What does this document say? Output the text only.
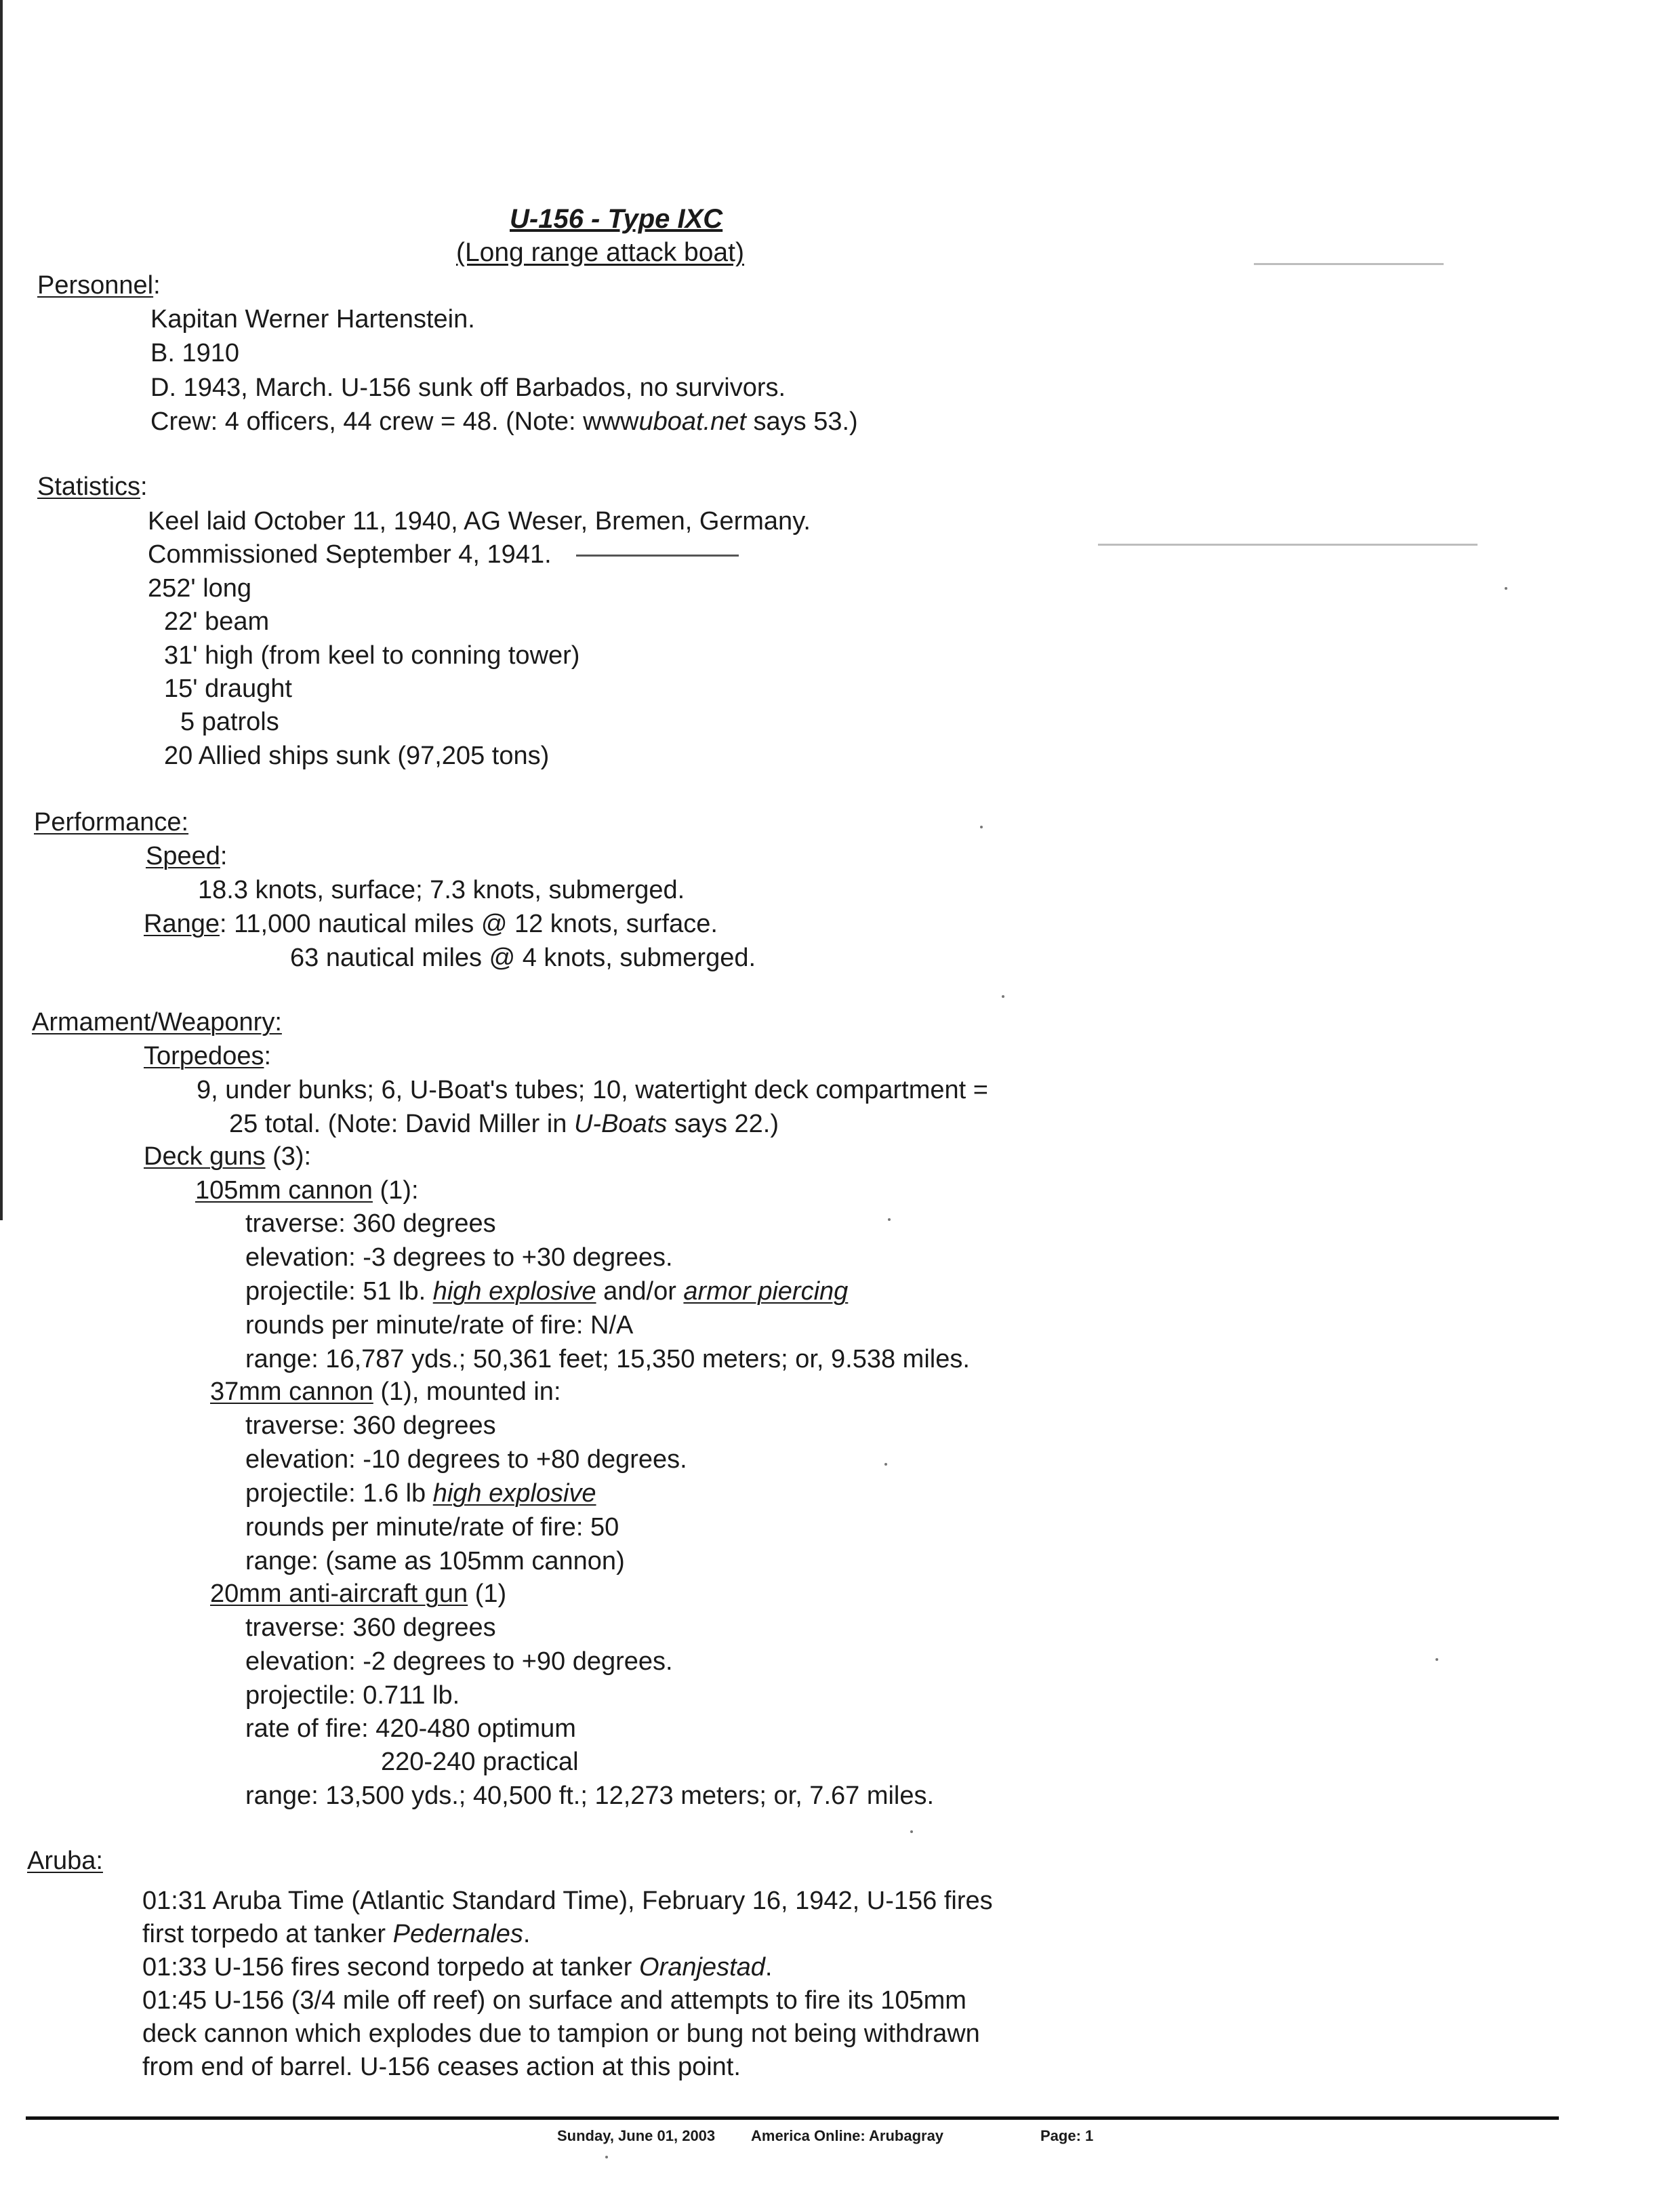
U-156 - Type IXC
(Long range attack boat)
Personnel:
Kapitan Werner Hartenstein.
B. 1910
D. 1943, March. U-156 sunk off Barbados, no survivors.
Crew: 4 officers, 44 crew = 48. (Note: wwwuboat.net says 53.)
Statistics:
Keel laid October 11, 1940, AG Weser, Bremen, Germany.
Commissioned September 4, 1941.
252' long
22' beam
31' high (from keel to conning tower)
15' draught
5 patrols
20 Allied ships sunk (97,205 tons)
Performance:
Speed:
18.3 knots, surface; 7.3 knots, submerged.
Range: 11,000 nautical miles @ 12 knots, surface.
63 nautical miles @ 4 knots, submerged.
Armament/Weaponry:
Torpedoes:
9, under bunks; 6, U-Boat's tubes; 10, watertight deck compartment =
25 total. (Note: David Miller in U-Boats says 22.)
Deck guns (3):
105mm cannon (1):
traverse: 360 degrees
elevation: -3 degrees to +30 degrees.
projectile: 51 lb. high explosive and/or armor piercing
rounds per minute/rate of fire: N/A
range: 16,787 yds.; 50,361 feet; 15,350 meters; or, 9.538 miles.
37mm cannon (1), mounted in:
traverse: 360 degrees
elevation: -10 degrees to +80 degrees.
projectile: 1.6 lb high explosive
rounds per minute/rate of fire: 50
range: (same as 105mm cannon)
20mm anti-aircraft gun (1)
traverse: 360 degrees
elevation: -2 degrees to +90 degrees.
projectile: 0.711 lb.
rate of fire: 420-480 optimum
220-240 practical
range: 13,500 yds.; 40,500 ft.; 12,273 meters; or, 7.67 miles.
Aruba:
01:31 Aruba Time (Atlantic Standard Time), February 16, 1942, U-156 fires
first torpedo at tanker Pedernales.
01:33 U-156 fires second torpedo at tanker Oranjestad.
01:45 U-156 (3/4 mile off reef) on surface and attempts to fire its 105mm
deck cannon which explodes due to tampion or bung not being withdrawn
from end of barrel. U-156 ceases action at this point.
Sunday, June 01, 2003 America Online: Arubagray	Page: 1
